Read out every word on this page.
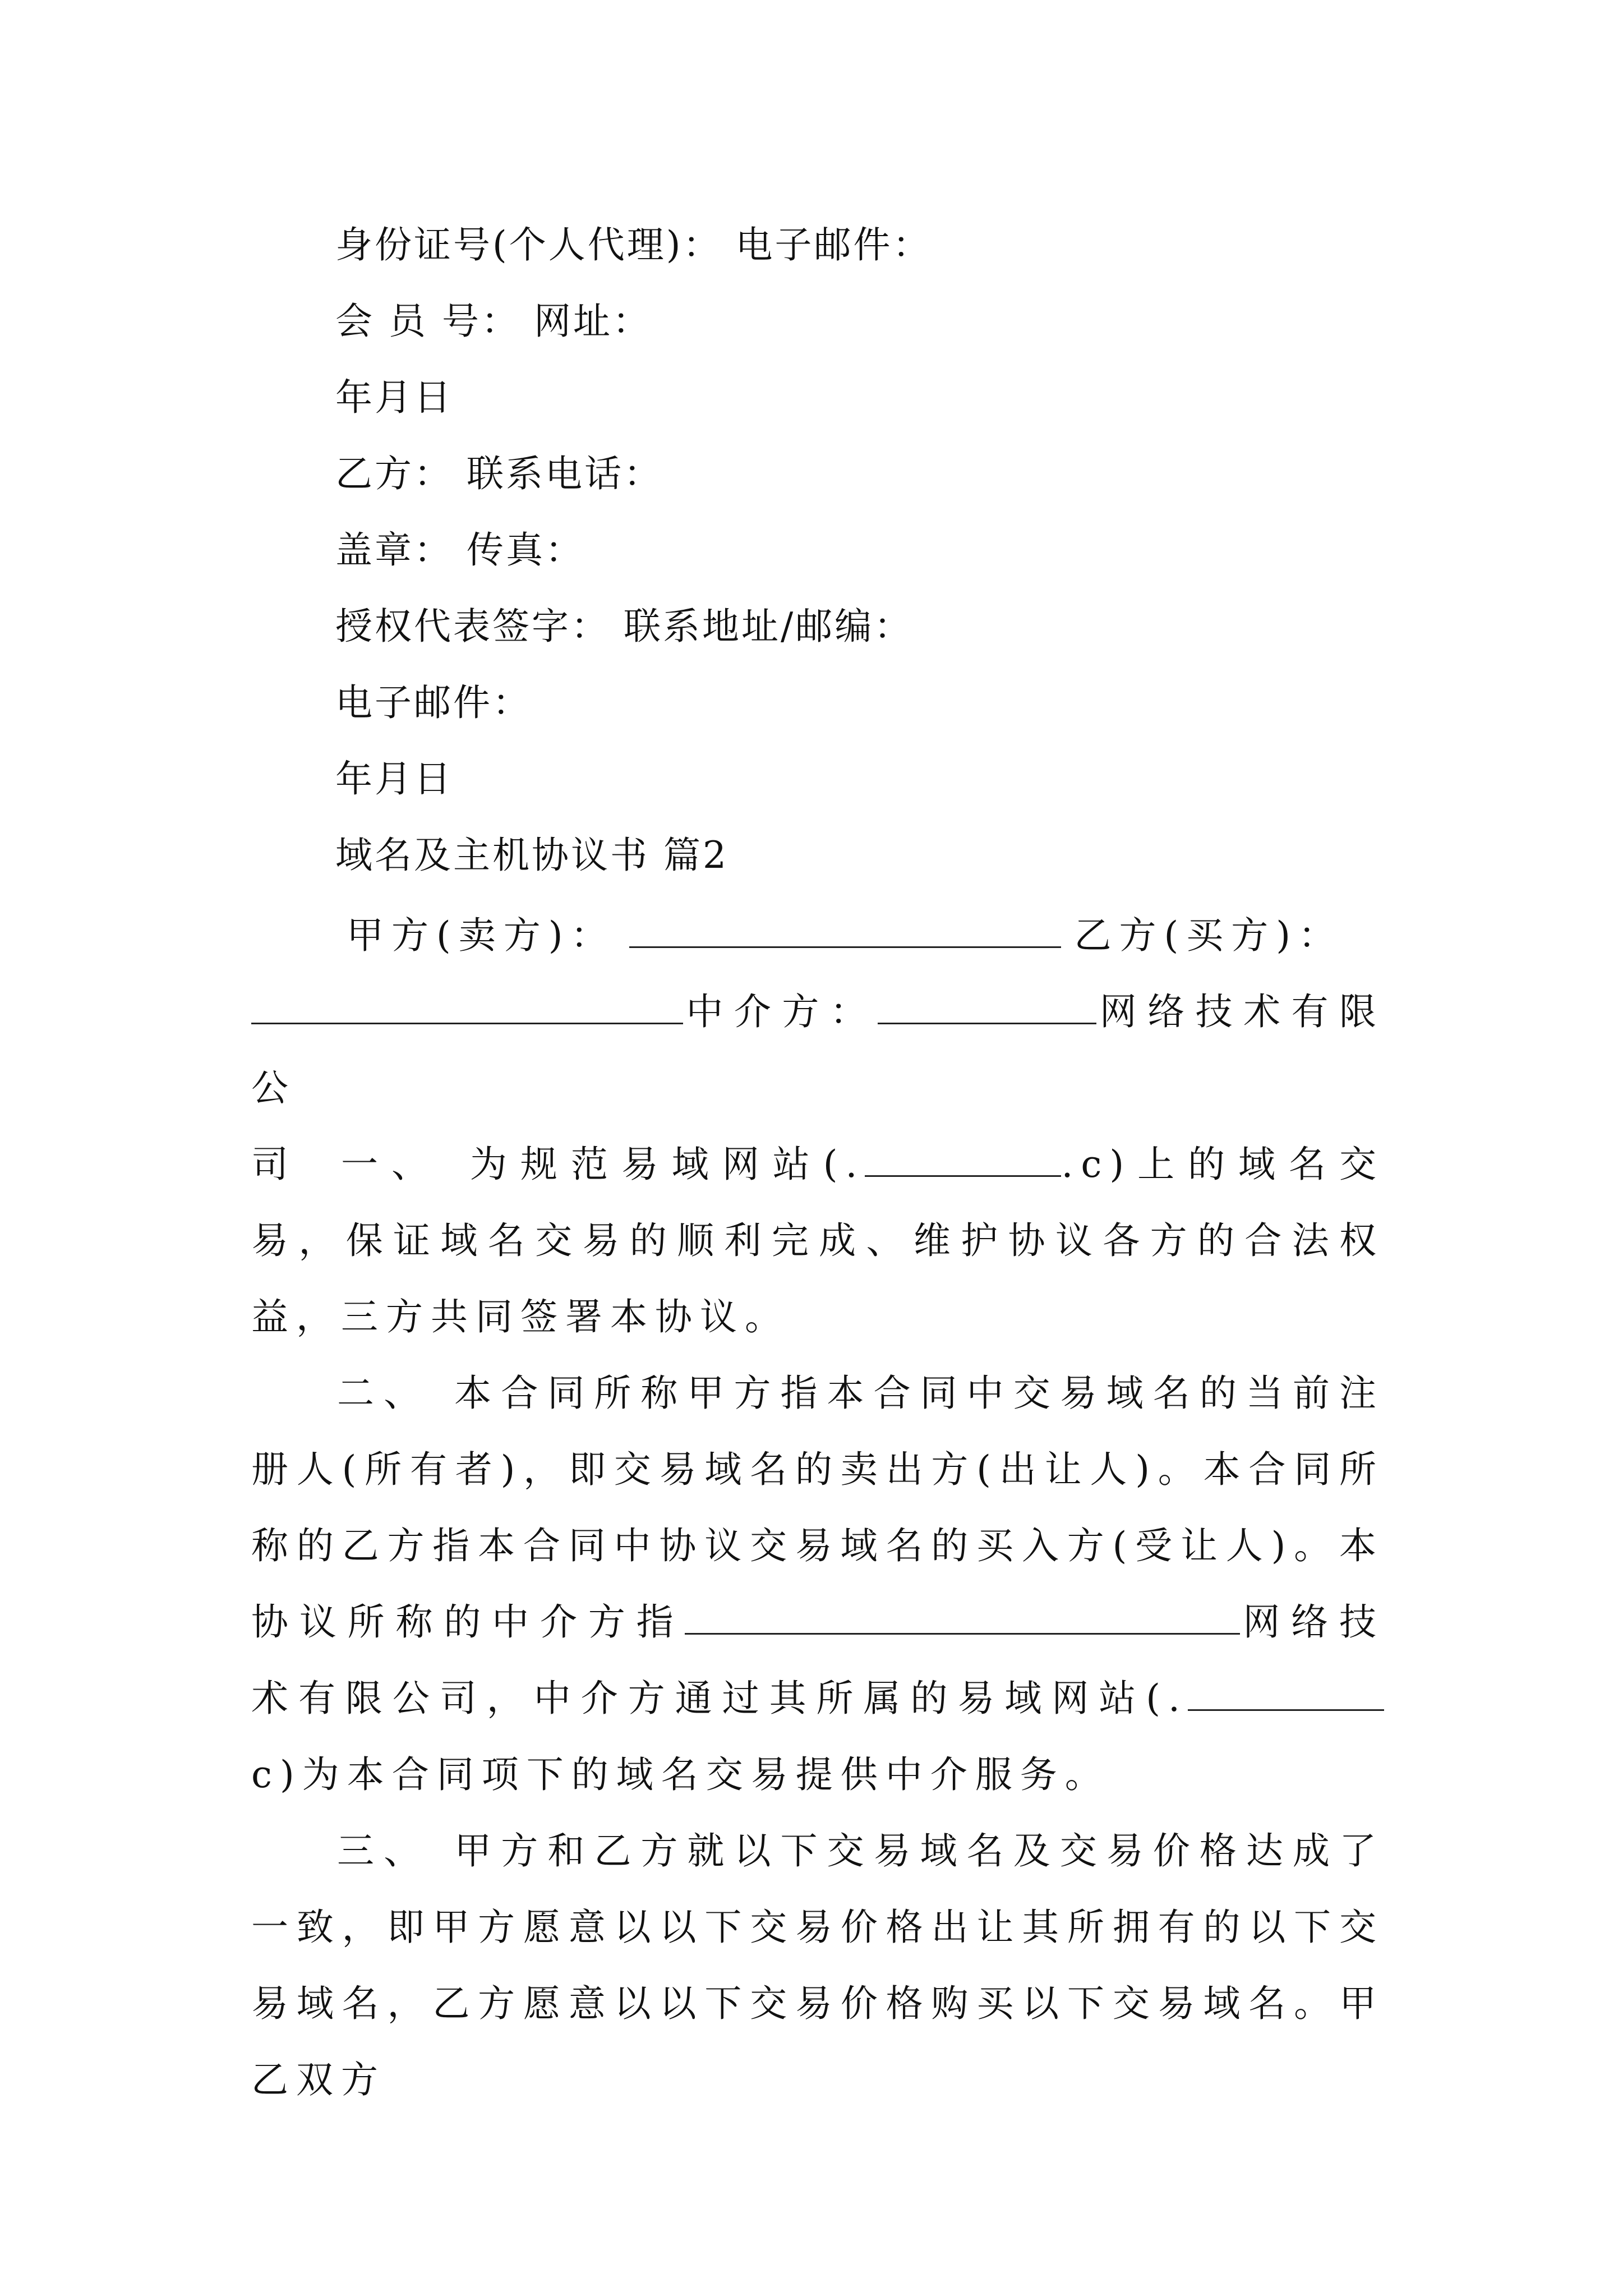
身份证号(个人代理)： 电子邮件：
会 员 号： 网址：
年月日
乙方： 联系电话：
盖章： 传真：
授权代表签字： 联系地址/邮编：
电子邮件：
年月日
域名及主机协议书 篇2
甲方(卖方)：	乙方(买方)：
中介方：	网络技术有限公
司	一、 为规范易域网站(.	.c)上的域名交易，保证域名交易的顺利完成、维护协议各方的合法权益，三方共同签署本协议。
二、 本合同所称甲方指本合同中交易域名的当前注册人(所有者)，即交易域名的卖出方(出让人)。本合同所称的乙方指本合同中协议交易域名的买入方(受让人)。本协议所称的中介方指	网络技术有限公司，中介方通过其所属的易域网站(.c)为本合同项下的域名交易提供中介服务。
三、 甲方和乙方就以下交易域名及交易价格达成了一致，即甲方愿意以以下交易价格出让其所拥有的以下交易域名，乙方愿意以以下交易价格购买以下交易域名。甲乙双方
